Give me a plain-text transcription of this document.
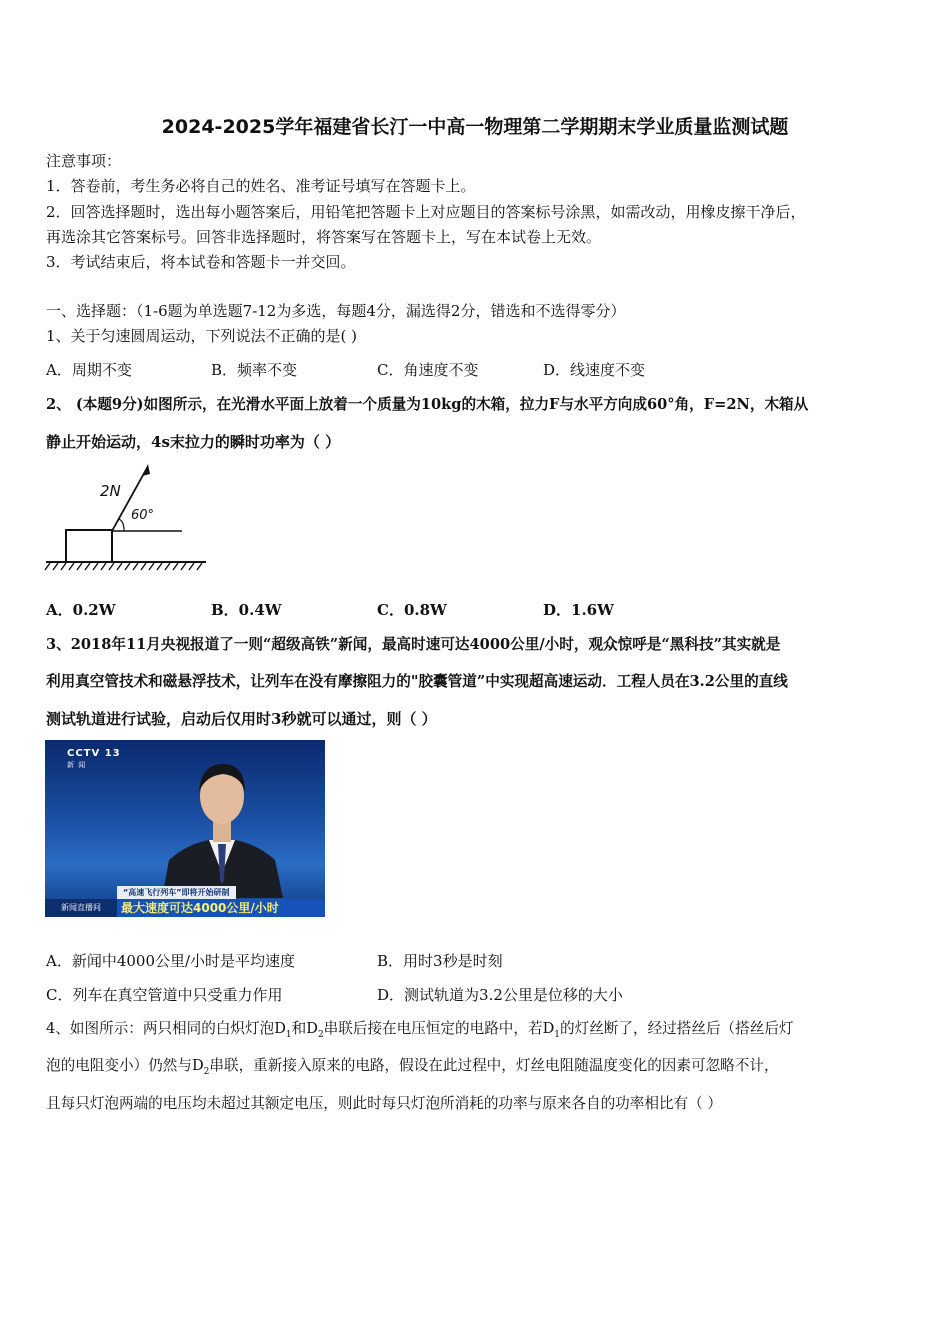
2024-2025学年福建省长汀一中高一物理第二学期期末学业质量监测试题
注意事项：
1．答卷前，考生务必将自己的姓名、准考证号填写在答题卡上。
2．回答选择题时，选出每小题答案后，用铅笔把答题卡上对应题目的答案标号涂黑，如需改动，用橡皮擦干净后，
再选涂其它答案标号。回答非选择题时，将答案写在答题卡上，写在本试卷上无效。
3．考试结束后，将本试卷和答题卡一并交回。
一、选择题：（1-6题为单选题7-12为多选，每题4分，漏选得2分，错选和不选得零分）
1、关于匀速圆周运动，下列说法不正确的是( )
A．周期不变	B．频率不变	C．角速度不变	D．线速度不变
2、 (本题9分)如图所示，在光滑水平面上放着一个质量为10kg的木箱，拉力F与水平方向成60°角，F=2N，木箱从
静止开始运动，4s末拉力的瞬时功率为（ ）
2N
60°
A．0.2W	B．0.4W	C．0.8W	D．1.6W
3、2018年11月央视报道了一则“超级高铁”新闻，最高时速可达4000公里/小时，观众惊呼是“黑科技”其实就是
利用真空管技术和磁悬浮技术，让列车在没有摩擦阻力的"胶囊管道”中实现超高速运动．工程人员在3.2公里的直线
测试轨道进行试验，启动后仅用时3秒就可以通过，则（ ）
CCTV 13
新 闻
“高速飞行列车”即将开始研制
新闻直播间	最大速度可达4000公里/小时
A．新闻中4000公里/小时是平均速度	B．用时3秒是时刻
C．列车在真空管道中只受重力作用	D．测试轨道为3.2公里是位移的大小
4、如图所示：两只相同的白炽灯泡$D_1$和$D_2$串联后接在电压恒定的电路中，若$D_1$的灯丝断了，经过搭丝后（搭丝后灯
泡的电阻变小）仍然与$D_2$串联，重新接入原来的电路，假设在此过程中，灯丝电阻随温度变化的因素可忽略不计，
且每只灯泡两端的电压均未超过其额定电压，则此时每只灯泡所消耗的功率与原来各自的功率相比有（ ）
